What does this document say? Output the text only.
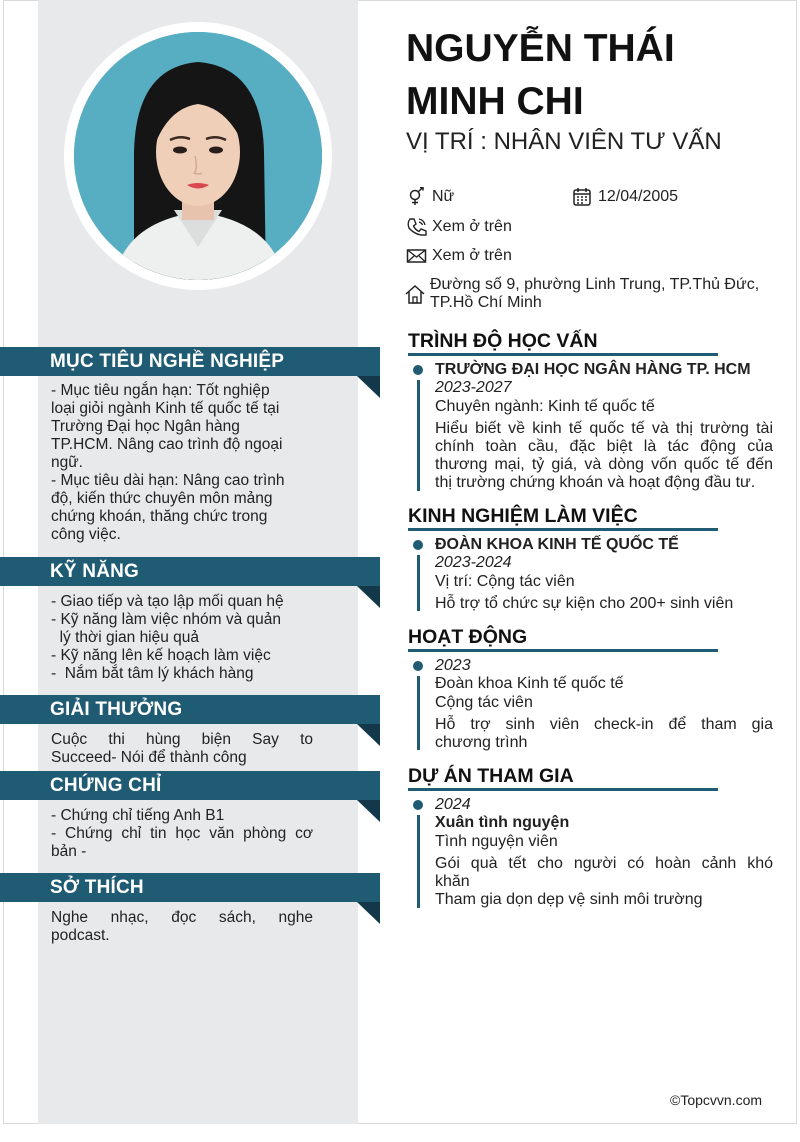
MỤC TIÊU NGHỀ NGHIỆP
- Mục tiêu ngắn hạn: Tốt nghiệp
loại giỏi ngành Kinh tế quốc tế tại
Trường Đại học Ngân hàng
TP.HCM. Nâng cao trình độ ngoại
ngữ.
- Mục tiêu dài hạn: Nâng cao trình
độ, kiến thức chuyên môn mảng
chứng khoán, thăng chức trong
công việc.
KỸ NĂNG
- Giao tiếp và tạo lập mối quan hệ
- Kỹ năng làm việc nhóm và quản
lý thời gian hiệu quả
- Kỹ năng lên kế hoạch làm việc
-  Nắm bắt tâm lý khách hàng
GIẢI THƯỞNG
Cuộc thi hùng biện Say to
Succeed- Nói để thành công
CHỨNG CHỈ
- Chứng chỉ tiếng Anh B1
- Chứng chỉ tin học văn phòng cơ
bản -
SỞ THÍCH
Nghe nhạc, đọc sách, nghe
podcast.
NGUYỄN THÁI
MINH CHI
VỊ TRÍ : NHÂN VIÊN TƯ VẤN
Nữ	12/04/2005
Xem ở trên
Xem ở trên
Đường số 9, phường Linh Trung, TP.Thủ Đức,
TP.Hồ Chí Minh
TRÌNH ĐỘ HỌC VẤN
TRƯỜNG ĐẠI HỌC NGÂN HÀNG TP. HCM
2023-2027
Chuyên ngành: Kinh tế quốc tế
Hiểu biết về kinh tế quốc tế và thị trường tài
chính toàn cầu, đặc biệt là tác động của
thương mại, tỷ giá, và dòng vốn quốc tế đến
thị trường chứng khoán và hoạt động đầu tư.
KINH NGHIỆM LÀM VIỆC
ĐOÀN KHOA KINH TẾ QUỐC TẾ
2023-2024
Vị trí: Cộng tác viên
Hỗ trợ tổ chức sự kiện cho 200+ sinh viên
HOẠT ĐỘNG
2023
Đoàn khoa Kinh tế quốc tế
Cộng tác viên
Hỗ trợ sinh viên check-in để tham gia
chương trình
DỰ ÁN THAM GIA
2024
Xuân tình nguyện
Tình nguyện viên
Gói quà tết cho người có hoàn cảnh khó
khăn
Tham gia dọn dẹp vệ sinh môi trường
©Topcvvn.com
